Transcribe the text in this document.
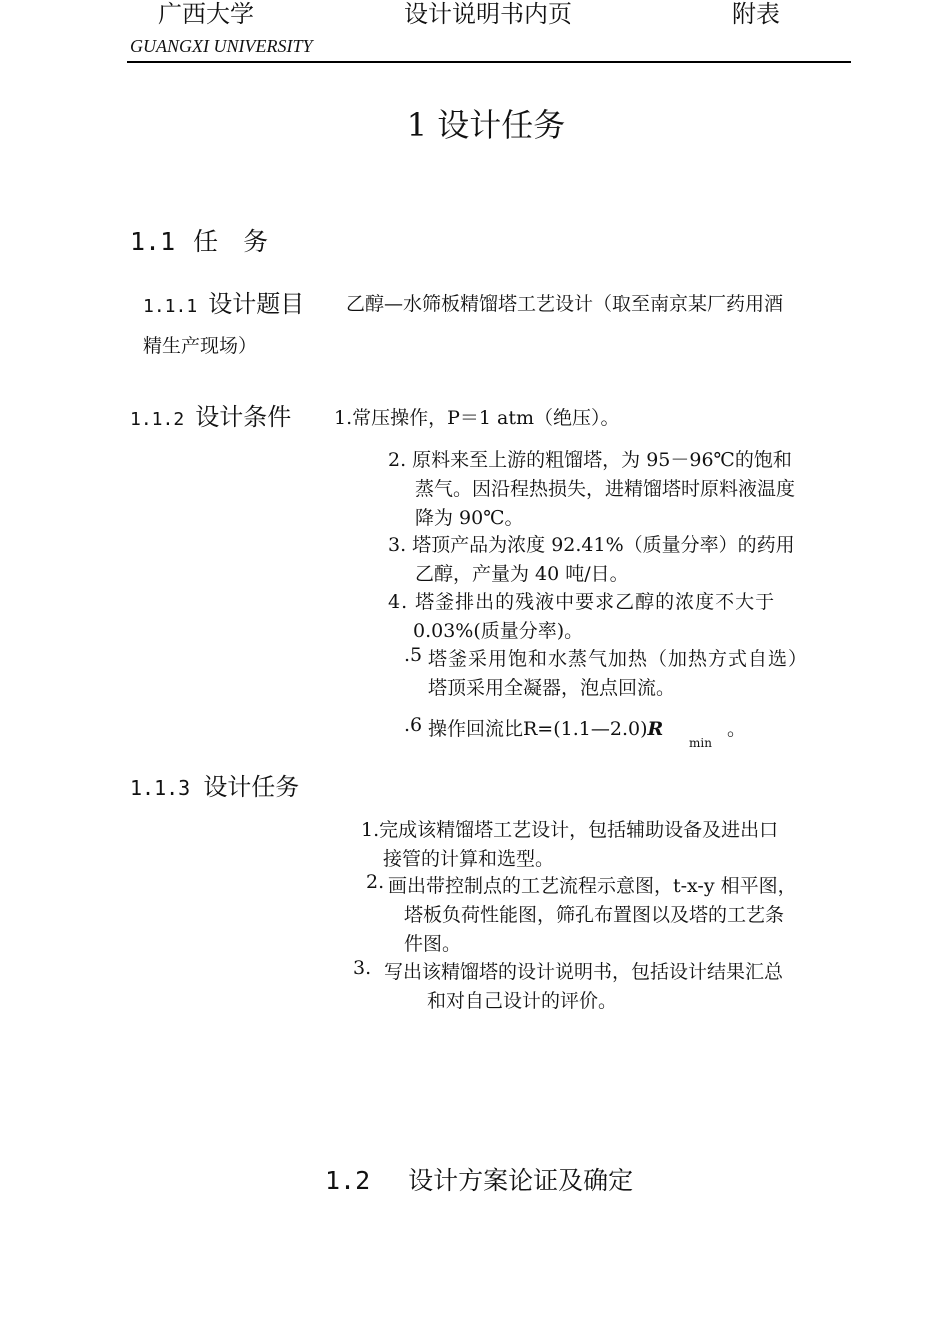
广西大学	设计说明书内页	附表
GUANGXI UNIVERSITY
1 设计任务
1.1 任　务
1.1.1 设计题目 乙醇—水筛板精馏塔工艺设计（取至南京某厂药用酒
精生产现场）
1.1.2 设计条件 1.常压操作，P＝1 atm（绝压）。
2. 原料来至上游的粗馏塔，为 95－96℃的饱和
蒸气。因沿程热损失，进精馏塔时原料液温度
降为 90℃。
3. 塔顶产品为浓度 92.41%（质量分率）的药用
乙醇，产量为 40 吨/日。
4. 塔釜排出的残液中要求乙醇的浓度不大于
0.03%(质量分率)。
.5 塔釜采用饱和水蒸气加热（加热方式自选）
塔顶采用全凝器，泡点回流。
.6 操作回流比R=(1.1—2.0)R
min
。
1.1.3 设计任务
1.完成该精馏塔工艺设计，包括辅助设备及进出口
接管的计算和选型。
2. 画出带控制点的工艺流程示意图，t-x-y 相平图，
塔板负荷性能图，筛孔布置图以及塔的工艺条
件图。
3. 写出该精馏塔的设计说明书，包括设计结果汇总
和对自己设计的评价。
1.2 设计方案论证及确定
